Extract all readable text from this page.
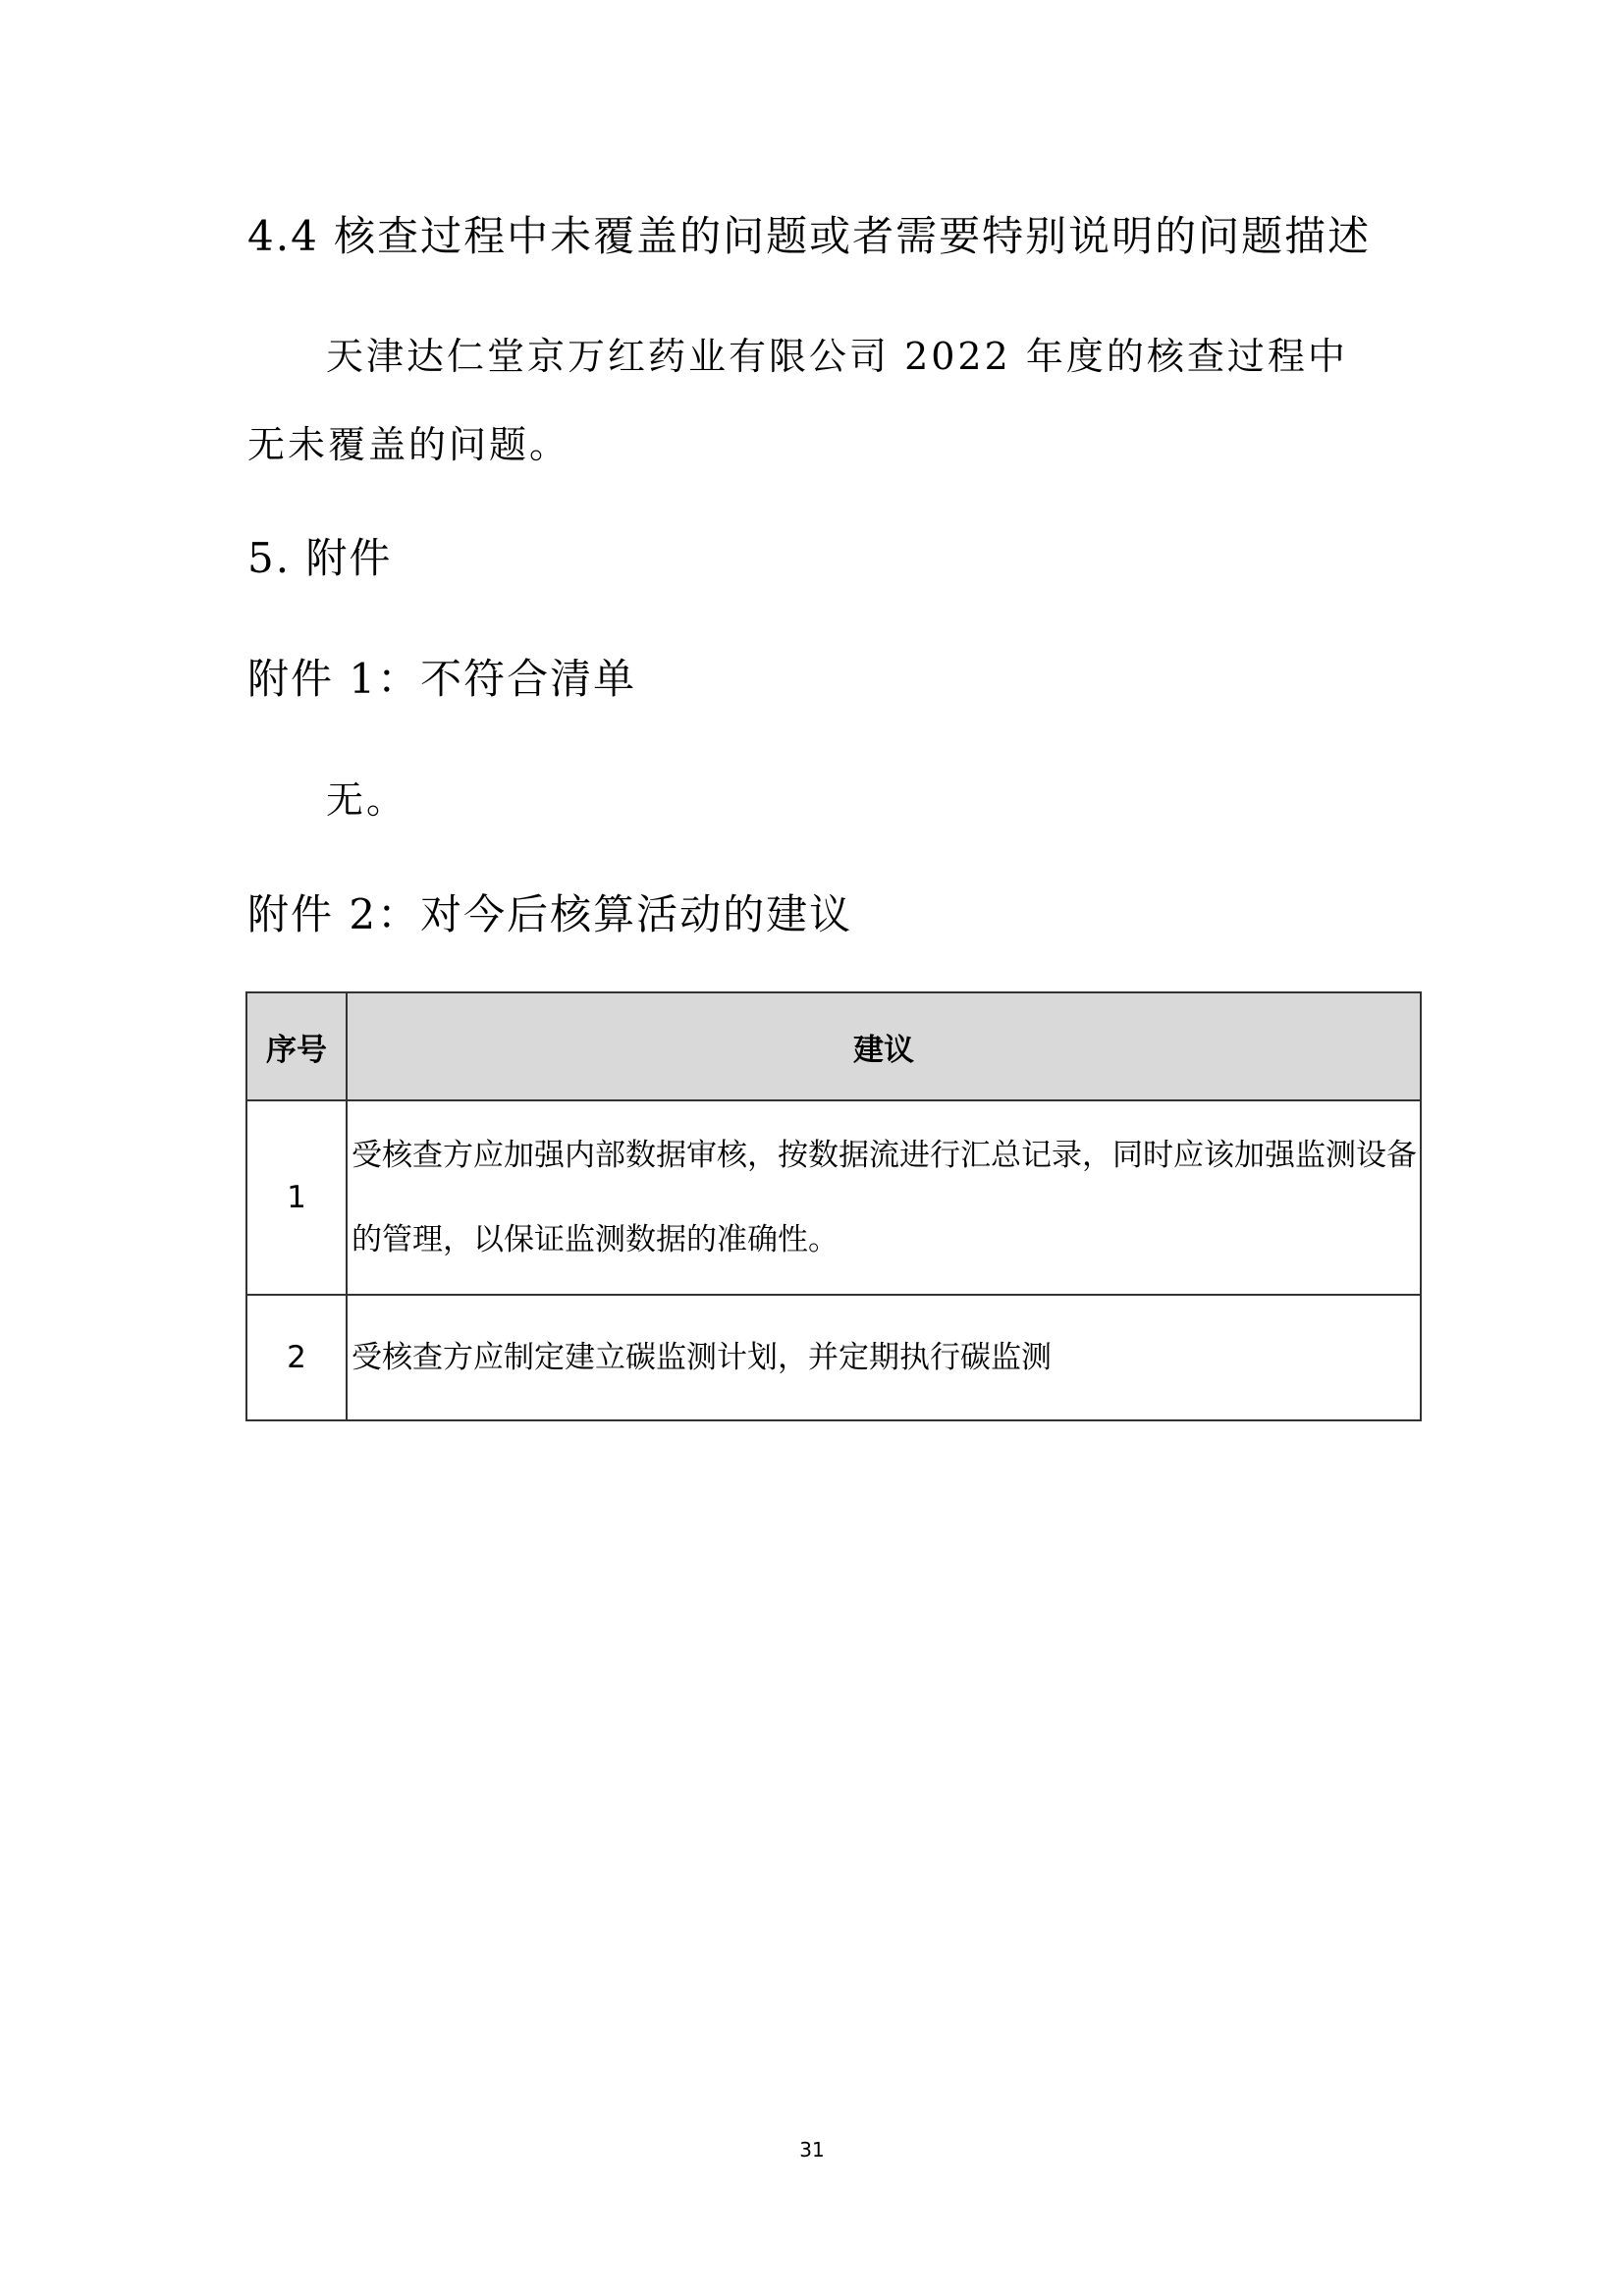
4.4 核查过程中未覆盖的问题或者需要特别说明的问题描述
天津达仁堂京万红药业有限公司 2022 年度的核查过程中无未覆盖的问题。
5. 附件
附件 1：不符合清单
无。
附件 2：对今后核算活动的建议
序号	建议
1	受核查方应加强内部数据审核，按数据流进行汇总记录，同时应该加强监测设备的管理，以保证监测数据的准确性。
2	受核查方应制定建立碳监测计划，并定期执行碳监测
31
